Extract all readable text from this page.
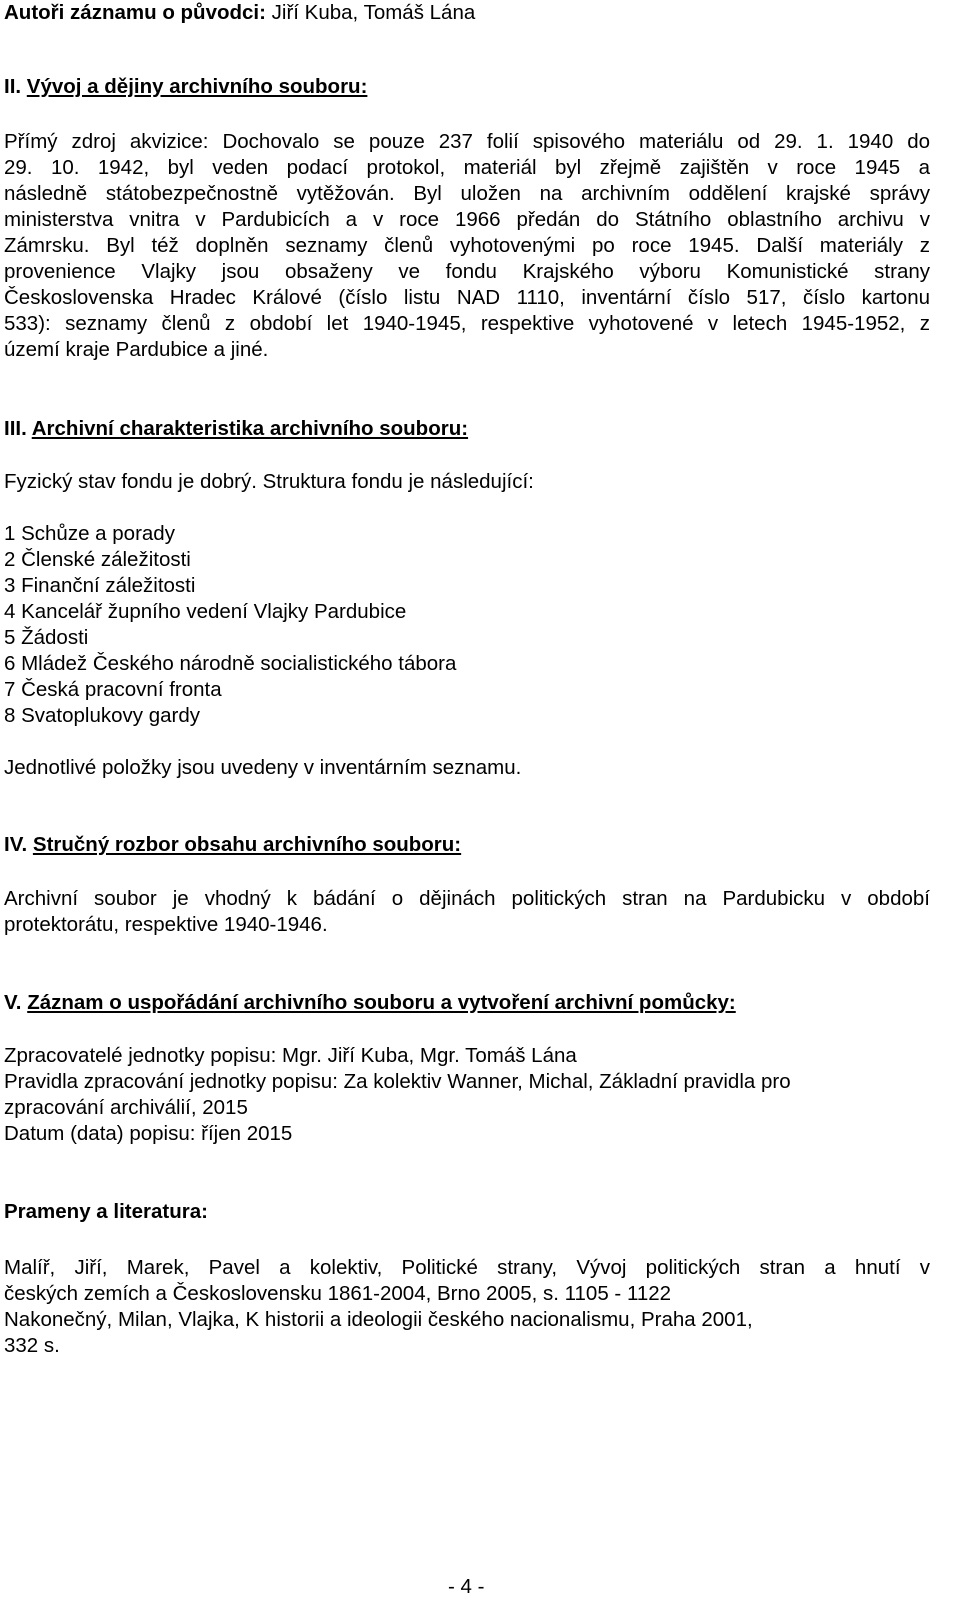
Autoři záznamu o původci: Jiří Kuba, Tomáš Lána
II. Vývoj a dějiny archivního souboru:
Přímý zdroj akvizice: Dochovalo se pouze 237 folií spisového materiálu od 29. 1. 1940 do
29. 10. 1942, byl veden podací protokol, materiál byl zřejmě zajištěn v roce 1945 a
následně státobezpečnostně vytěžován. Byl uložen na archivním oddělení krajské správy
ministerstva vnitra v Pardubicích a v roce 1966 předán do Státního oblastního archivu v
Zámrsku. Byl též doplněn seznamy členů vyhotovenými po roce 1945. Další materiály z
provenience Vlajky jsou obsaženy ve fondu Krajského výboru Komunistické strany
Československa Hradec Králové (číslo listu NAD 1110, inventární číslo 517, číslo kartonu
533): seznamy členů z období let 1940-1945, respektive vyhotovené v letech 1945-1952, z
území kraje Pardubice a jiné.
III. Archivní charakteristika archivního souboru:
Fyzický stav fondu je dobrý. Struktura fondu je následující:
1 Schůze a porady
2 Členské záležitosti
3 Finanční záležitosti
4 Kancelář župního vedení Vlajky Pardubice
5 Žádosti
6 Mládež Českého národně socialistického tábora
7 Česká pracovní fronta
8 Svatoplukovy gardy
Jednotlivé položky jsou uvedeny v inventárním seznamu.
IV. Stručný rozbor obsahu archivního souboru:
Archivní soubor je vhodný k bádání o dějinách politických stran na Pardubicku v období
protektorátu, respektive 1940-1946.
V. Záznam o uspořádání archivního souboru a vytvoření archivní pomůcky:
Zpracovatelé jednotky popisu: Mgr. Jiří Kuba, Mgr. Tomáš Lána
Pravidla zpracování jednotky popisu: Za kolektiv Wanner, Michal, Základní pravidla pro
zpracování archiválií, 2015
Datum (data) popisu: říjen 2015
Prameny a literatura:
Malíř, Jiří, Marek, Pavel a kolektiv, Politické strany, Vývoj politických stran a hnutí v
českých zemích a Československu 1861-2004, Brno 2005, s. 1105 - 1122
Nakonečný, Milan, Vlajka, K historii a ideologii českého nacionalismu, Praha 2001,
332 s.
- 4 -
